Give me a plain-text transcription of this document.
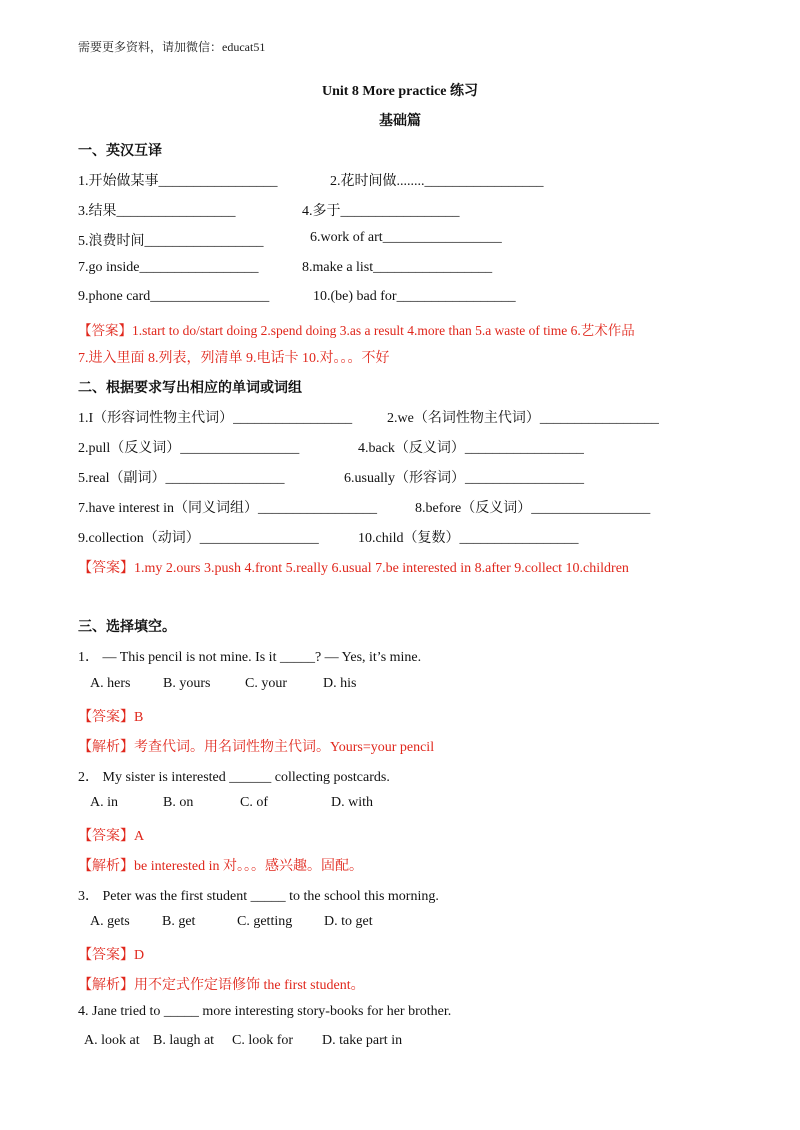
需要更多资料，请加微信：educat51
Unit 8 More practice 练习
基础篇
一、英汉互译
1.开始做某事_________________	2.花时间做........_________________
3.结果_________________	4.多于_________________
5.浪费时间_________________	6.work of art_________________
7.go inside_________________	8.make a list_________________
9.phone card_________________	10.(be) bad for_________________
【答案】1.start to do/start doing 2.spend doing 3.as a result 4.more than 5.a waste of time 6.艺术作品
7.进入里面 8.列表，列清单 9.电话卡 10.对。。。不好
二、根据要求写出相应的单词或词组
1.I（形容词性物主代词）_________________ 2.we（名词性物主代词）_________________
2.pull（反义词）_________________	4.back（反义词）_________________
5.real（副词）_________________	6.usually（形容词）_________________
7.have interest in（同义词组）_________________	8.before（反义词）_________________
9.collection（动词）_________________	10.child（复数）_________________
【答案】1.my 2.ours 3.push 4.front 5.really 6.usual 7.be interested in 8.after 9.collect 10.children
三、选择填空。
1． — This pencil is not mine. Is it _____? — Yes, it’s mine.
A. hers B. yours C. your	D. his
【答案】B
【解析】考查代词。用名词性物主代词。Yours=your pencil
2． My sister is interested ______ collecting postcards.
A. in	B. on	C. of	D. with
【答案】A
【解析】be interested in 对。。。感兴趣。固配。
3． Peter was the first student _____ to the school this morning.
A. gets B. get	C. getting D. to get
【答案】D
【解析】用不定式作定语修饰 the first student。
4. Jane tried to _____ more interesting story-books for her brother.
A. look at B. laugh at C. look for D. take part in
